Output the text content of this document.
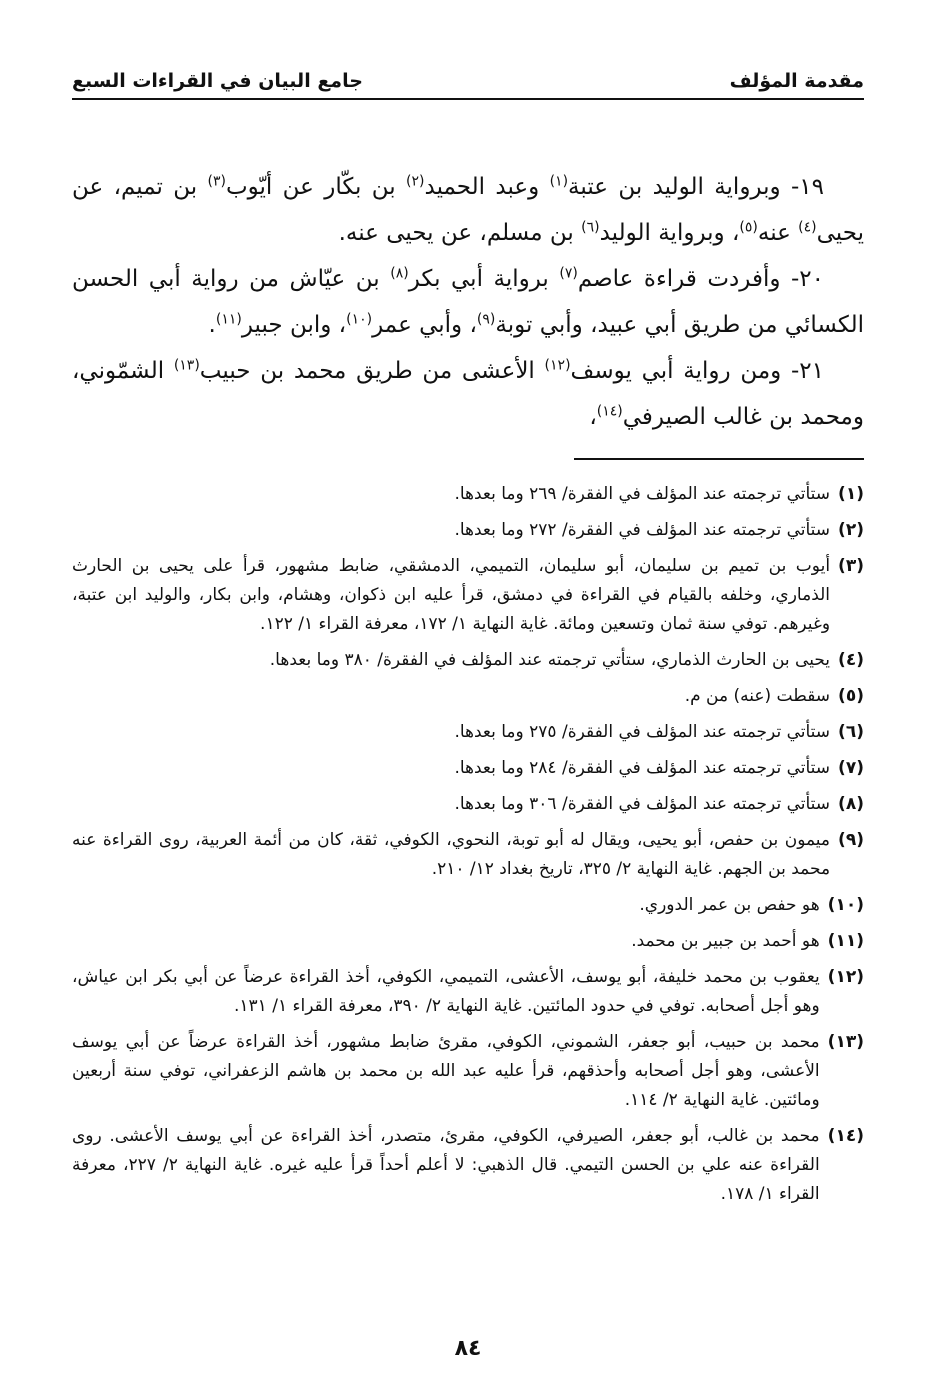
مقدمة المؤلف
جامع البيان في القراءات السبع

١٩- وبرواية الوليد بن عتبة$^{(١)}$ وعبد الحميد$^{(٢)}$ بن بكّار عن أيّوب$^{(٣)}$ بن تميم، عن يحيى$^{(٤)}$ عنه$^{(٥)}$، وبرواية الوليد$^{(٦)}$ بن مسلم، عن يحيى عنه.

٢٠- وأفردت قراءة عاصم$^{(٧)}$ برواية أبي بكر$^{(٨)}$ بن عيّاش من رواية أبي الحسن الكسائي من طريق أبي عبيد، وأبي توبة$^{(٩)}$، وأبي عمر$^{(١٠)}$، وابن جبير$^{(١١)}$.

٢١- ومن رواية أبي يوسف$^{(١٢)}$ الأعشى من طريق محمد بن حبيب$^{(١٣)}$ الشمّوني، ومحمد بن غالب الصيرفي$^{(١٤)}$،

(١)
ستأتي ترجمته عند المؤلف في الفقرة/ ٢٦٩ وما بعدها.
(٢)
ستأتي ترجمته عند المؤلف في الفقرة/ ٢٧٢ وما بعدها.
(٣)
أيوب بن تميم بن سليمان، أبو سليمان، التميمي، الدمشقي، ضابط مشهور، قرأ على يحيى بن الحارث الذماري، وخلفه بالقيام في القراءة في دمشق، قرأ عليه ابن ذكوان، وهشام، وابن بكار، والوليد ابن عتبة، وغيرهم. توفي سنة ثمان وتسعين ومائة. غاية النهاية ١/ ١٧٢، معرفة القراء ١/ ١٢٢.
(٤)
يحيى بن الحارث الذماري، ستأتي ترجمته عند المؤلف في الفقرة/ ٣٨٠ وما بعدها.
(٥)
سقطت (عنه) من م.
(٦)
ستأتي ترجمته عند المؤلف في الفقرة/ ٢٧٥ وما بعدها.
(٧)
ستأتي ترجمته عند المؤلف في الفقرة/ ٢٨٤ وما بعدها.
(٨)
ستأتي ترجمته عند المؤلف في الفقرة/ ٣٠٦ وما بعدها.
(٩)
ميمون بن حفص، أبو يحيى، ويقال له أبو توبة، النحوي، الكوفي، ثقة، كان من أئمة العربية، روى القراءة عنه محمد بن الجهم. غاية النهاية ٢/ ٣٢٥، تاريخ بغداد ١٢/ ٢١٠.
(١٠)
هو حفص بن عمر الدوري.
(١١)
هو أحمد بن جبير بن محمد.
(١٢)
يعقوب بن محمد خليفة، أبو يوسف، الأعشى، التميمي، الكوفي، أخذ القراءة عرضاً عن أبي بكر ابن عياش، وهو أجل أصحابه. توفي في حدود المائتين. غاية النهاية ٢/ ٣٩٠، معرفة القراء ١/ ١٣١.
(١٣)
محمد بن حبيب، أبو جعفر، الشموني، الكوفي، مقرئ ضابط مشهور، أخذ القراءة عرضاً عن أبي يوسف الأعشى، وهو أجل أصحابه وأحذقهم، قرأ عليه عبد الله بن محمد بن هاشم الزعفراني، توفي سنة أربعين ومائتين. غاية النهاية ٢/ ١١٤.
(١٤)
محمد بن غالب، أبو جعفر، الصيرفي، الكوفي، مقرئ، متصدر، أخذ القراءة عن أبي يوسف الأعشى. روى القراءة عنه علي بن الحسن التيمي. قال الذهبي: لا أعلم أحداً قرأ عليه غيره. غاية النهاية ٢/ ٢٢٧، معرفة القراء ١/ ١٧٨.
٨٤
